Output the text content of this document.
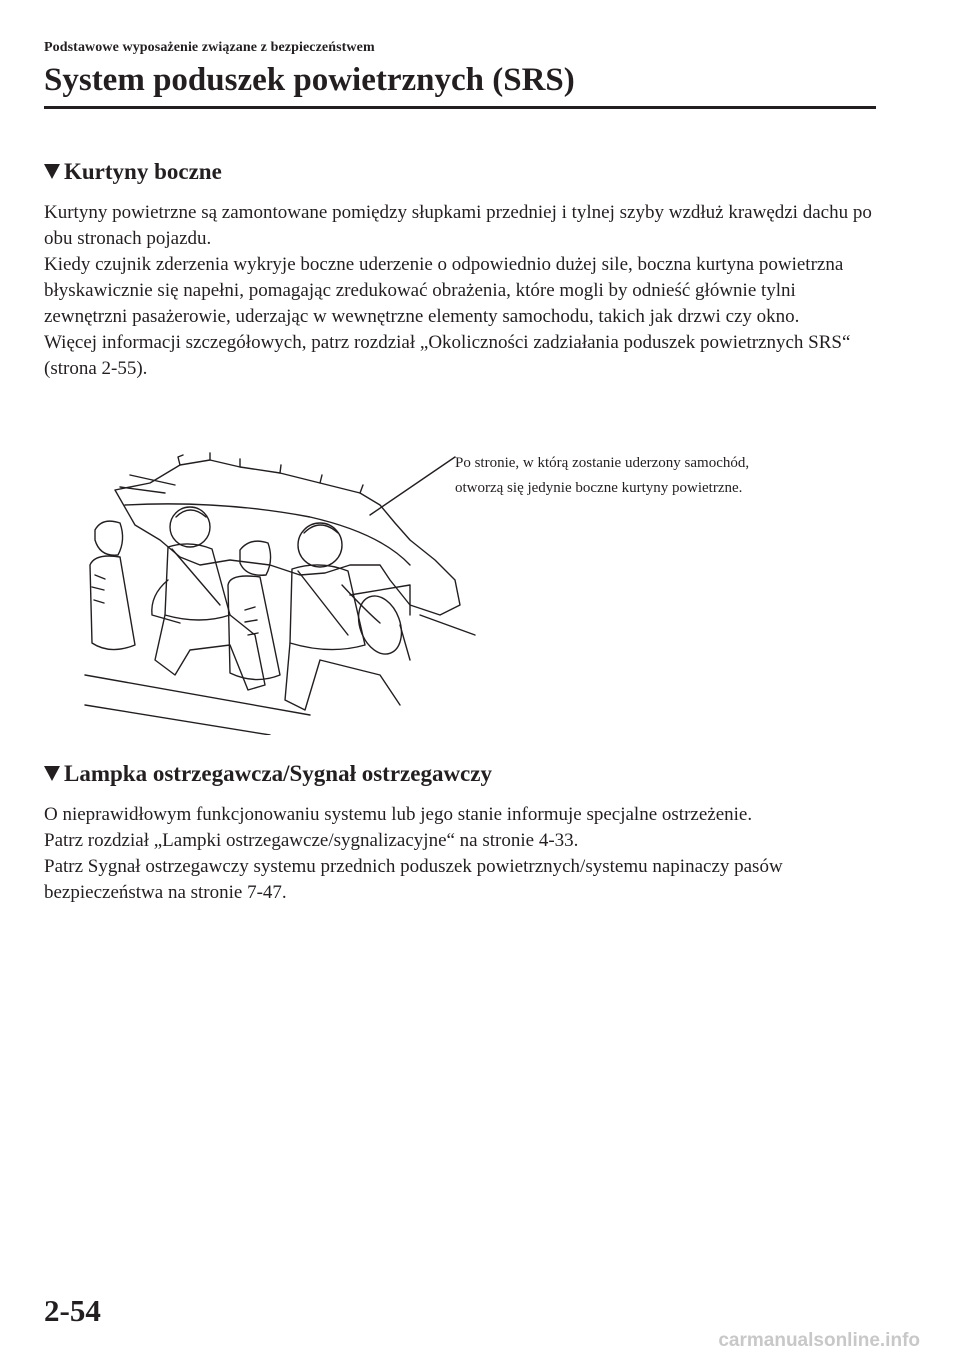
Podstawowe wyposażenie związane z bezpieczeństwem
System poduszek powietrznych (SRS)
Kurtyny boczne

Kurtyny powietrzne są zamontowane pomiędzy słupkami przedniej i tylnej szyby wzdłuż krawędzi dachu po obu stronach pojazdu.

Kiedy czujnik zderzenia wykryje boczne uderzenie o odpowiednio dużej sile, boczna kurtyna powietrzna błyskawicznie się napełni, pomagając zredukować obrażenia, które mogli by odnieść głównie tylni zewnętrzni pasażerowie, uderzając w wewnętrzne elementy samochodu, takich jak drzwi czy okno.

Więcej informacji szczegółowych, patrz rozdział „Okoliczności zadziałania poduszek powietrznych SRS“ (strona 2-55).

Po stronie, w którą zostanie uderzony samochód,

otworzą się jedynie boczne kurtyny powietrzne.

Lampka ostrzegawcza/Sygnał ostrzegawczy

O nieprawidłowym funkcjonowaniu systemu lub jego stanie informuje specjalne ostrzeżenie.

Patrz rozdział „Lampki ostrzegawcze/sygnalizacyjne“ na stronie 4-33.

Patrz Sygnał ostrzegawczy systemu przednich poduszek powietrznych/systemu napinaczy pasów bezpieczeństwa na stronie 7-47.

2-54
carmanualsonline.info
